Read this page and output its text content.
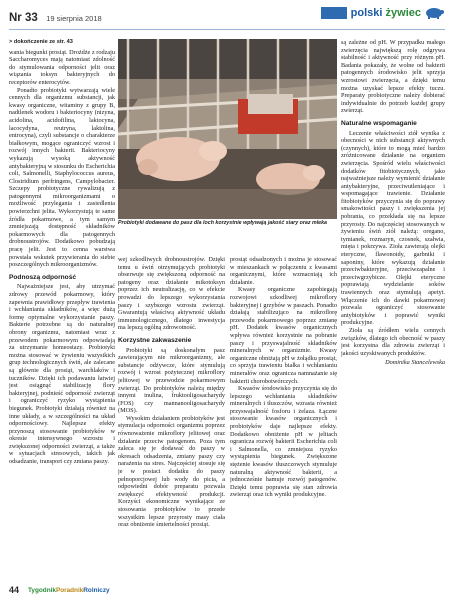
Nr 33 19 sierpnia 2018	polski żywiec
> dokończenie ze str. 43

wania biegunki prosiąt. Drożdże z rodzaju Saccharomyces mają natomiast zdolność do stymulowania odporności jelit oraz wiązania toksyn bakteryjnych do receptorów enterocytów.

Ponadto probiotyki wytwarzają wiele cennych dla organizmu substancji, jak kwasy organiczne, witaminy z grupy B, nadtlenek wodoru i bakteriocyny (nizyna, acidolina, acidofilina, laktocyna, lacocydyna, reutryna, laktolina, entrocyna), czyli substancje o charakterze białkowym, mogące ograniczyć wzrost i rozwój innych bakterii. Bakteriocyny wykazują wysoką aktywność antybakteryjną w stosunku do Escherichia coli, Salmonelli, Staphylococcus aureus, Clostridium perfringens, Campylobacter. Szczepy probiotyczne rywalizują z patogennymi mikroorganizmami o możliwość przylegania i zasiedlenia powierzchni jelita. Wykorzystują te same źródła pokarmowe, a tym samym zmniejszają dostępność składników pokarmowych dla patogennych drobnoustrojów. Dodatkowo pobudzają pracę jelit. Jest to cenna warstwa powstała wskutek przywierania do siebie poszczególnych mikroorganizmów.

Podnoszą odporność

Najważniejsze jest, aby utrzymać zdrowy przewód pokarmowy, który zapewnia prawidłowy przepływ trawienia i wchłaniania składników, a więc dużą formę optymalne wykorzystanie paszy. Bakterie potrzebne są do naturalnej obrony organizmu, natomiast wraz z przewodem pokarmowym odpowiadają za utrzymanie homeostazy. Probiotyki można stosować w żywieniu wszystkich grup technologicznych świń, ale zalecane są głównie dla prosiąt, warchlaków i tuczników. Dzięki ich podawaniu łatwiej jest osiągnąć stabilizację flory bakteryjnej, podnieść odporność zwierząt i ograniczyć ryzyko wystąpienia biegunek. Probiotyki działają również na inne układy, a w szczególności na układ odpornościowy. Najlepsze efekty przynoszą stosowanie probiotyków w okresie intensywnego wzrostu i zwiększonej odporności zwierząt, a także w sytuacjach stresowych, takich jak odsadzanie, transport czy zmiana paszy.

Probiotyki dodawane do pasz dla loch korzystnie wpływają jakość siary oraz mleka

wej szkodliwych drobnoustrojów. Dzięki temu u świń otrzymujących probiotyki obserwuje się zwiększoną odporność na patogeny oraz działanie mikotoksyn poprzez ich neutralizację, co w efekcie prowadzi do lepszego wykorzystania paszy i szybszego wzrostu zwierząt. Gwarantują właściwą aktywność układu immunologicznego, dlatego inwestycja ma lepszą ogólną zdrowotność.

Korzystne zakwaszenie

Probiotyki są doskonałym pasz zawierającym nie mikroorganizmy, ale substancje odżywcze, które stymulują rozwój i wzrost pożytecznej mikroflory jelitowej w przewodzie pokarmowym zwierząt. Do probiotyków należą między innymi inulina, fruktooligosacharydy (FOS) czy mannanooligosacharydy (MOS).

Wysokim działaniem probiotyków jest stymulacja odporności organizmu poprzez równoważenie mikroflory jelitowej oraz działanie przeciw patogenom. Poza tym zaleca się je dodawać do paszy w okresach odsadzenia, zmiany paszy czy narażenia na stres. Najczęściej stosuje się je w postaci dodatku do paszy pełnoporcjowej lub wody do picia, a odpowiedni dobór preparatu pozwala zwiększyć efektywność produkcji. Korzyści ekonomiczne wynikające ze stosowania probiotyków to przede wszystkim lepsze przyrosty masy ciała oraz obniżenie śmiertelności prosiąt.

prosiąt odsadzonych i można je stosować w mieszankach w połączeniu z kwasami organicznymi, które wzmacniają ich działanie.

Kwasy organiczne zapobiegają rozwojowi szkodliwej mikroflory bakteryjnej i grzybów w paszach. Ponadto działają stabilizująco na mikroflorę przewodu pokarmowego poprzez zmianę pH. Dodatek kwasów organicznych wpływa również korzystnie na pobranie paszy i przyswajalność składników mineralnych w organizmie. Kwasy organiczne obniżają pH w żołądku prosiąt, co sprzyja trawieniu białka i wchłanianiu minerałów oraz ogranicza namnażanie się bakterii chorobotwórczych.

Kwasów środowisko przyczynia się do lepszego wchłaniania składników mineralnych i tłuszczów, wzrasta również przyswajalność fosforu i żelaza. Łączne stosowanie kwasów organicznych i probiotyków daje najlepsze efekty. Dodatkowo obniżenie pH w jelitach ogranicza rozwój bakterii Escherichia coli i Salmonella, co zmniejsza ryzyko wystąpienia biegunek. Zwiększone stężenie kwasów tłuszczowych stymuluje naturalną aktywność bakterii, a jednocześnie hamuje rozwój patogenów. Dzięki temu poprawia się stan zdrowia zwierząt oraz ich wyniki produkcyjne.

są zależne od pH. W przypadku małego zwierzęcia największą rolę odgrywa stabilność i aktywność przy różnym pH. Badania pokazały, że wolne od bakterii patogennych środowisko jelit sprzyja wzrostowi zwierzęcia, a dzięki temu można uzyskać lepsze efekty tuczu. Preparaty probiotyczne należy dobierać indywidualnie do potrzeb każdej grupy zwierząt.

Naturalne wspomaganie

Leczenie właściwości ziół wynika z obecności w nich substancji aktywnych (czynnych), które to mogą mieć bardzo zróżnicowane działanie na organizm zwierzęcia. Spośród wielu właściwości dodatków fitobiotycznych, jako najważniejsze należy wymienić działanie antybakteryjne, przeciwutleniające i wspomagające trawienie. Działanie fitobiotyków przyczynia się do poprawy smakowitości paszy i zwiększenia jej pobrania, co przekłada się na lepsze przyrosty. Do najczęściej stosowanych w żywieniu świń ziół należą: oregano, tymianek, rozmaryn, czosnek, szałwia, mięta i pokrzywa. Zioła zawierają olejki eteryczne, flawonoidy, garbniki i saponiny, które wykazują działanie przeciwbakteryjne, przeciwzapalne i przeciwgrzybicze. Olejki eteryczne poprawiają wydzielanie soków trawiennych oraz stymulują apetyt. Włączenie ich do dawki pokarmowej pozwala ograniczyć stosowanie antybiotyków i poprawić wyniki produkcyjne.

Zioła są źródłem wielu cennych związków, dlatego ich obecność w paszy jest korzystna dla zdrowia zwierząt i jakości uzyskiwanych produktów.

Dominika Stancelewska
44 TygodnikPoradnikRolniczy
